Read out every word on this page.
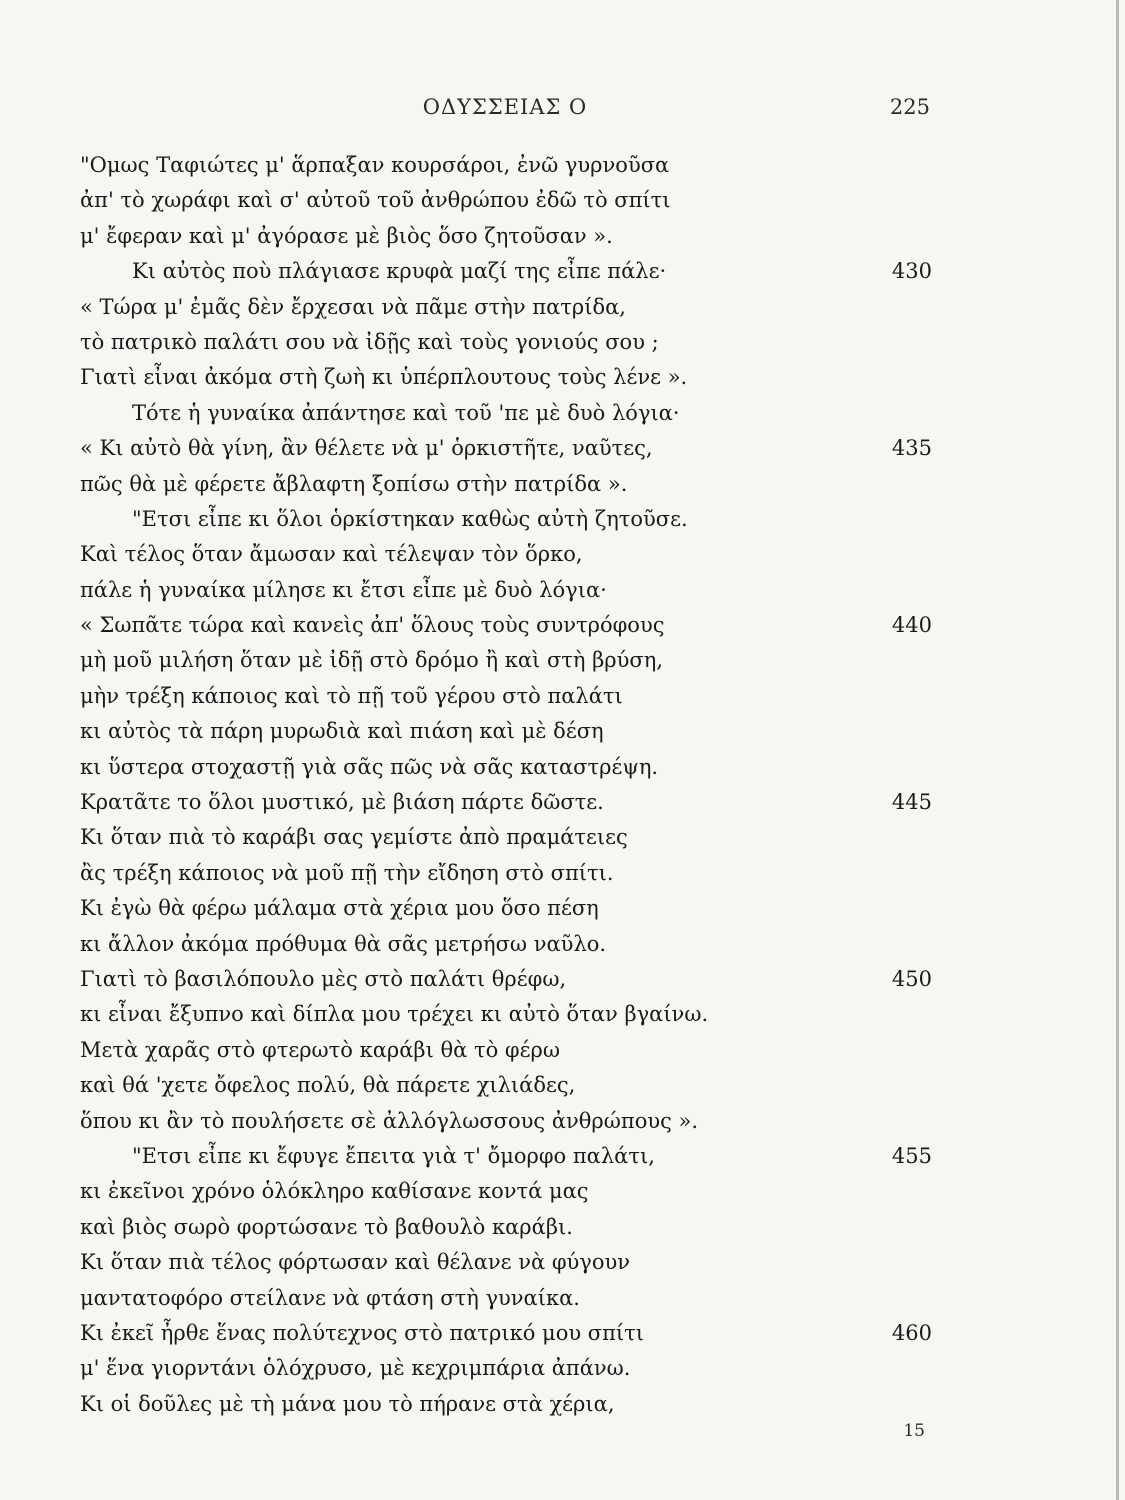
ΟΔΥΣΣΕΙΑΣ Ο	225
"Ομως Ταφιώτες μ' ἅρπαξαν κουρσάροι, ἐνῶ γυρνοῦσα
ἀπ' τὸ χωράφι καὶ σ' αὐτοῦ τοῦ ἀνθρώπου ἐδῶ τὸ σπίτι
μ' ἔφεραν καὶ μ' ἀγόρασε μὲ βιὸς ὅσο ζητοῦσαν ».
Κι αὐτὸς ποὺ πλάγιασε κρυφὰ μαζί της εἶπε πάλε·	430
« Τώρα μ' ἐμᾶς δὲν ἔρχεσαι νὰ πᾶμε στὴν πατρίδα,
τὸ πατρικὸ παλάτι σου νὰ ἰδῇς καὶ τοὺς γονιούς σου ;
Γιατὶ εἶναι ἀκόμα στὴ ζωὴ κι ὑπέρπλουτους τοὺς λένε ».
Τότε ἡ γυναίκα ἀπάντησε καὶ τοῦ 'πε μὲ δυὸ λόγια·
« Κι αὐτὸ θὰ γίνη, ἂν θέλετε νὰ μ' ὁρκιστῆτε, ναῦτες,	435
πῶς θὰ μὲ φέρετε ἄβλαφτη ξοπίσω στὴν πατρίδα ».
"Ετσι εἶπε κι ὅλοι ὁρκίστηκαν καθὼς αὐτὴ ζητοῦσε.
Καὶ τέλος ὅταν ἄμωσαν καὶ τέλεψαν τὸν ὅρκο,
πάλε ἡ γυναίκα μίλησε κι ἔτσι εἶπε μὲ δυὸ λόγια·
« Σωπᾶτε τώρα καὶ κανεὶς ἀπ' ὅλους τοὺς συντρόφους	440
μὴ μοῦ μιλήση ὅταν μὲ ἰδῇ στὸ δρόμο ἢ καὶ στὴ βρύση,
μὴν τρέξη κάποιος καὶ τὸ πῇ τοῦ γέρου στὸ παλάτι
κι αὐτὸς τὰ πάρη μυρωδιὰ καὶ πιάση καὶ μὲ δέση
κι ὕστερα στοχαστῇ γιὰ σᾶς πῶς νὰ σᾶς καταστρέψη.
Κρατᾶτε το ὅλοι μυστικό, μὲ βιάση πάρτε δῶστε.	445
Κι ὅταν πιὰ τὸ καράβι σας γεμίστε ἀπὸ πραμάτειες
ἂς τρέξη κάποιος νὰ μοῦ πῇ τὴν εἴδηση στὸ σπίτι.
Κι ἐγὼ θὰ φέρω μάλαμα στὰ χέρια μου ὅσο πέση
κι ἄλλον ἀκόμα πρόθυμα θὰ σᾶς μετρήσω ναῦλο.
Γιατὶ τὸ βασιλόπουλο μὲς στὸ παλάτι θρέφω,	450
κι εἶναι ἔξυπνο καὶ δίπλα μου τρέχει κι αὐτὸ ὅταν βγαίνω.
Μετὰ χαρᾶς στὸ φτερωτὸ καράβι θὰ τὸ φέρω
καὶ θά 'χετε ὄφελος πολύ, θὰ πάρετε χιλιάδες,
ὅπου κι ἂν τὸ πουλήσετε σὲ ἀλλόγλωσσους ἀνθρώπους ».
"Ετσι εἶπε κι ἔφυγε ἔπειτα γιὰ τ' ὄμορφο παλάτι,	455
κι ἐκεῖνοι χρόνο ὁλόκληρο καθίσανε κοντά μας
καὶ βιὸς σωρὸ φορτώσανε τὸ βαθουλὸ καράβι.
Κι ὅταν πιὰ τέλος φόρτωσαν καὶ θέλανε νὰ φύγουν
μαντατοφόρο στείλανε νὰ φτάση στὴ γυναίκα.
Κι ἐκεῖ ἦρθε ἕνας πολύτεχνος στὸ πατρικό μου σπίτι	460
μ' ἕνα γιορντάνι ὁλόχρυσο, μὲ κεχριμπάρια ἀπάνω.
Κι οἱ δοῦλες μὲ τὴ μάνα μου τὸ πήρανε στὰ χέρια,
15
